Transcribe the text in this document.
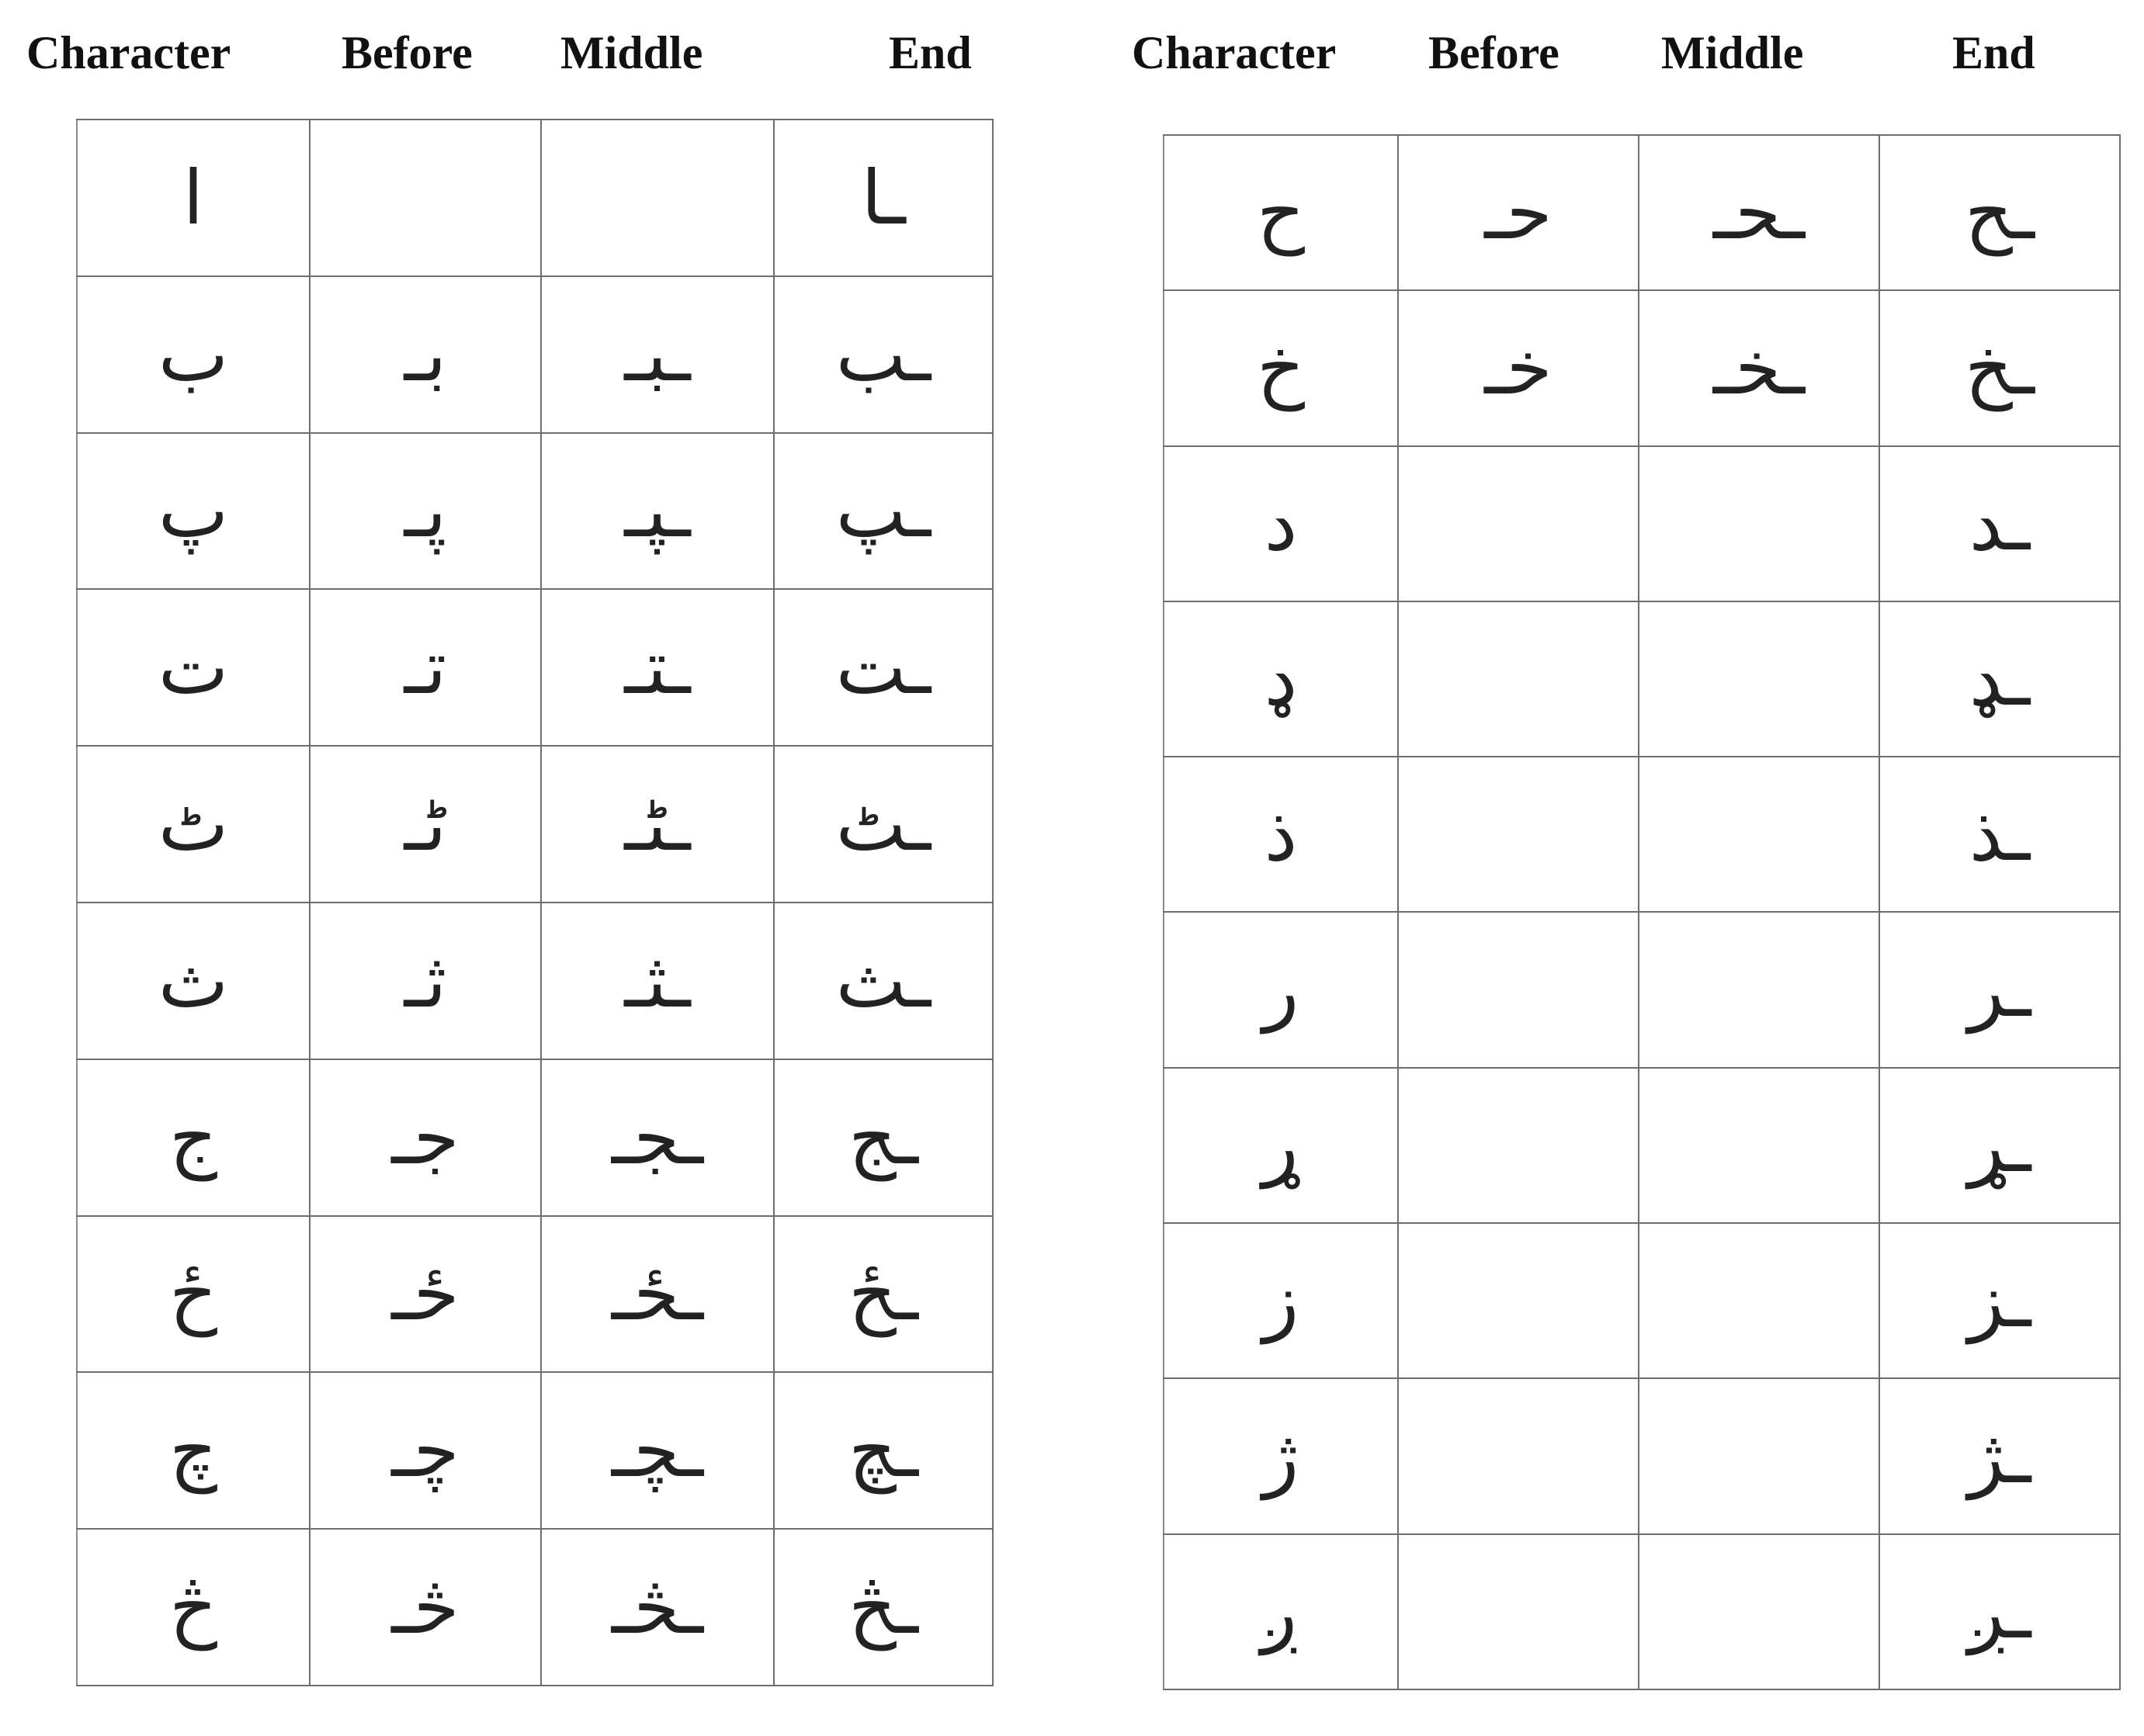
Character Before Middle	End	Character Before Middle	End
ا			ـا
ب	بـ	ـبـ	ـب
پ	پـ	ـپـ	ـپ
ت	تـ	ـتـ	ـت
ٹ	ٹـ	ـٹـ	ـٹ
ث	ثـ	ـثـ	ـث
ج	جـ	ـجـ	ـج
ځ	ځـ	ـځـ	ـځ
چ	چـ	ـچـ	ـچ
څ	څـ	ـڅـ	ـڅ
ح	حـ	ـحـ	ـح
خ	خـ	ـخـ	ـخ
د			ـد
ډ			ـډ
ذ			ـذ
ر			ـر
ړ			ـړ
ز			ـز
ژ			ـژ
ږ			ـږ
